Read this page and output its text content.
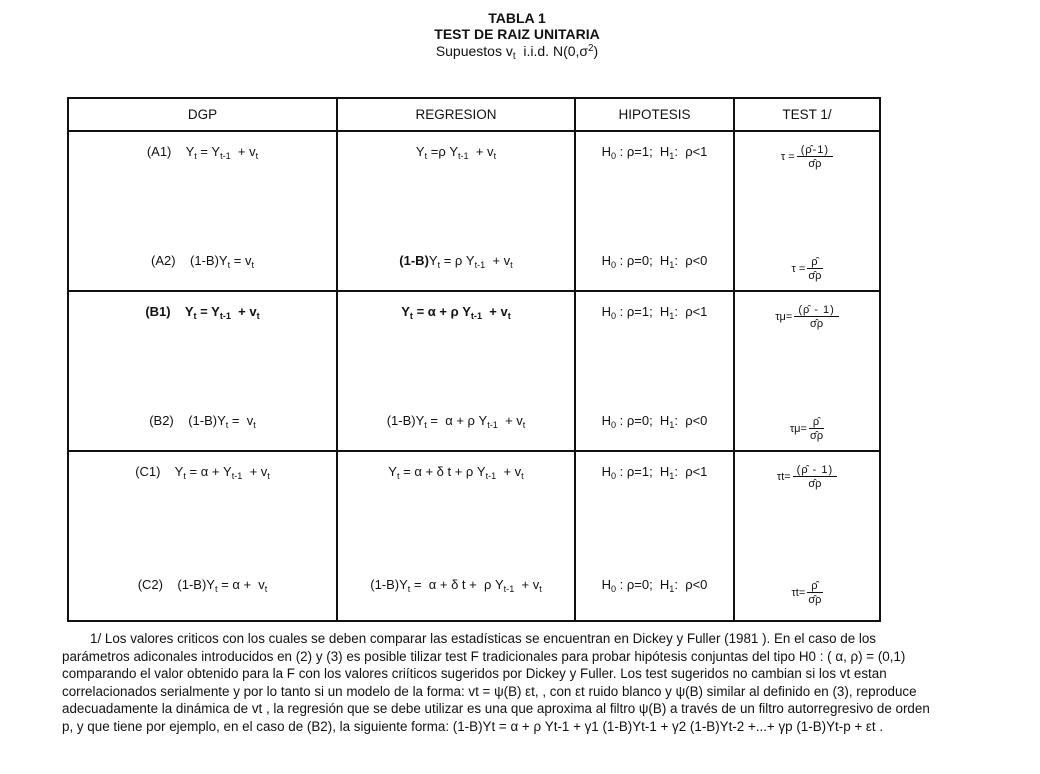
TABLA 1
TEST DE RAIZ UNITARIA
Supuestos $v_t$  i.i.d. $N(0,\sigma^2)$
DGP	REGRESION	HIPOTESIS	TEST 1/

(A1)    $Y_t = Y_{t-1} + v_t$
(A2)    $(1-B)Y_t = v_t$

$Y_t =\rho$ $Y_{t-1} + v_t$
$(1-B)Y_t = \rho$ $Y_{t-1} + v_t$

$H_0$ : ρ=1;  $H_1$:  ρ<1
$H_0$ : ρ=0;  $H_1$:  ρ<0

$\tau = \frac{(\rhô-1)}{\sigmâ\rho}$
$\tau = \frac{\rhô}{\sigmâ\rho}$

(B1)    $Y_t = Y_{t-1} + v_t$
(B2)    $(1-B)Y_t = v_t$

$Y_t = \alpha + \rho$ $Y_{t-1} + v_t$
$(1-B)Y_t = \alpha + \rho$ $Y_{t-1} + v_t$

$H_0$ : ρ=1;  $H_1$:  ρ<1
$H_0$ : ρ=0;  $H_1$:  ρ<0

$\tau\mu= \frac{(\rhô - 1)}{\sigmâ\rho}$
$\tau\mu= \frac{\rhô}{\sigmâ\rho}$

(C1)    $Y_t = \alpha + Y_{t-1} + v_t$
(C2)    $(1-B)Y_t = \alpha + v_t$

$Y_t = \alpha + \delta$ t + ρ $Y_{t-1} + v_t$
$(1-B)Y_t = \alpha + \delta$ t +  ρ $Y_{t-1} + v_t$

$H_0$ : ρ=1;  $H_1$:  ρ<1
$H_0$ : ρ=0;  $H_1$:  ρ<0

$\tau t= \frac{(\rhô - 1)}{\sigmâ\rho}$
$\tau t= \frac{\rhô}{\sigmâ\rho}$
1/ Los valores criticos con los cuales se deben comparar las estadísticas se encuentran en Dickey y Fuller (1981 ). En el caso de los
parámetros adiconales introducidos en (2) y (3) es posible tilizar test F tradicionales para probar hipótesis conjuntas del tipo H0 : ( α, ρ) = (0,1)
comparando el valor obtenido para la F con los valores criíticos sugeridos por Dickey y Fuller. Los test sugeridos no cambian si los vt estan
correlacionados serialmente y por lo tanto si un modelo de la forma: vt = ψ(B) εt, , con εt ruido blanco y ψ(B) similar al definido en (3), reproduce
adecuadamente la dinámica de vt , la regresión que se debe utilizar es una que aproxima al filtro ψ(B) a través de un filtro autorregresivo de orden
p, y que tiene por ejemplo, en el caso de (B2), la siguiente forma: (1-B)Yt = α + ρ Yt-1 + γ1 (1-B)Yt-1 + γ2 (1-B)Yt-2 +...+ γp (1-B)Yt-p + εt .
